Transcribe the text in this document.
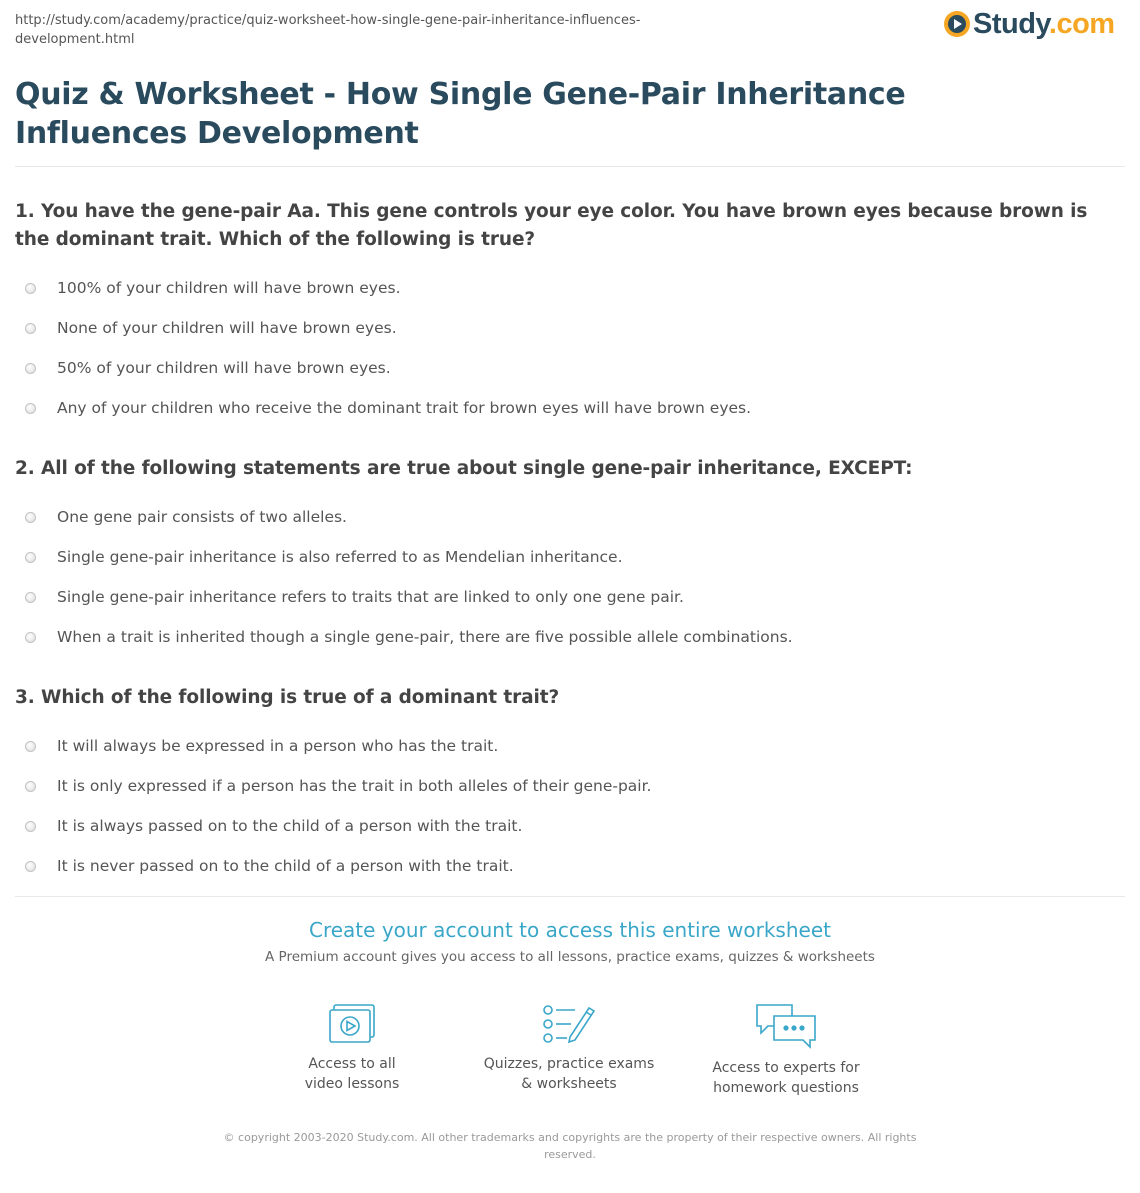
http://study.com/academy/practice/quiz-worksheet-how-single-gene-pair-inheritance-influences-development.html	Study.com
Quiz & Worksheet - How Single Gene-Pair Inheritance Influences Development
1. You have the gene-pair Aa. This gene controls your eye color. You have brown eyes because brown is the dominant trait. Which of the following is true?
100% of your children will have brown eyes.
None of your children will have brown eyes.
50% of your children will have brown eyes.
Any of your children who receive the dominant trait for brown eyes will have brown eyes.
2. All of the following statements are true about single gene-pair inheritance, EXCEPT:
One gene pair consists of two alleles.
Single gene-pair inheritance is also referred to as Mendelian inheritance.
Single gene-pair inheritance refers to traits that are linked to only one gene pair.
When a trait is inherited though a single gene-pair, there are five possible allele combinations.
3. Which of the following is true of a dominant trait?
It will always be expressed in a person who has the trait.
It is only expressed if a person has the trait in both alleles of their gene-pair.
It is always passed on to the child of a person with the trait.
It is never passed on to the child of a person with the trait.
Create your account to access this entire worksheet
A Premium account gives you access to all lessons, practice exams, quizzes & worksheets
Access to all
video lessons
Quizzes, practice exams
& worksheets
Access to experts for
homework questions
© copyright 2003-2020 Study.com. All other trademarks and copyrights are the property of their respective owners. All rights reserved.
